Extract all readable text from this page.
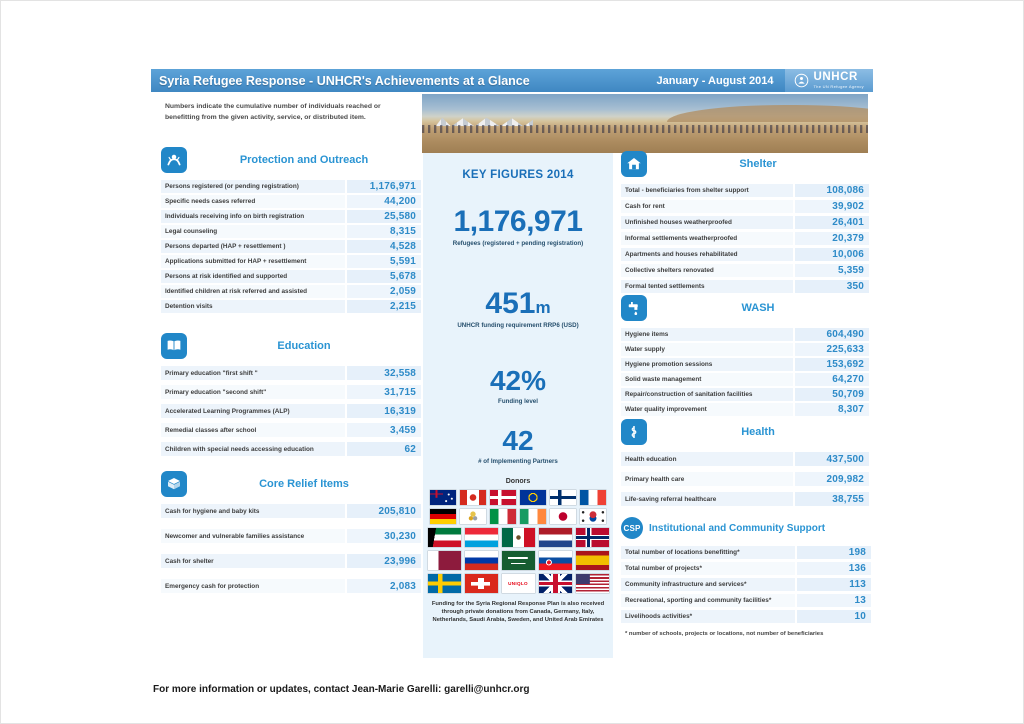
Syria Refugee Response - UNHCR's Achievements at a Glance	January - August 2014	UNHCR
The UN Refugee Agency
Numbers indicate the cumulative number of individuals reached or benefitting from the given activity, service, or distributed item.
Protection and Outreach
Persons registered (or pending registration)	1,176,971
Specific needs cases referred	44,200
Individuals receiving info on birth registration	25,580
Legal counseling	8,315
Persons departed (HAP + resettlement )	4,528
Applications submitted for HAP + resettlement	5,591
Persons at risk identified and supported	5,678
Identified children at risk referred and assisted	2,059
Detention visits	2,215
Education
Primary education "first shift "	32,558
Primary education "second shift"	31,715
Accelerated Learning Programmes (ALP)	16,319
Remedial classes after school	3,459
Children with special needs accessing education	62
Core Relief Items
Cash for hygiene and baby kits	205,810
Newcomer and vulnerable families assistance	30,230
Cash for shelter	23,996
Emergency cash for protection	2,083
KEY FIGURES 2014
1,176,971
Refugees (registered + pending registration)
451m
UNHCR funding requirement RRP6 (USD)
42%
Funding level
42
# of Implementing Partners
Donors
UNIQLO
Funding for the Syria Regional Response Plan is also received through private donations from Canada, Germany, Italy, Netherlands, Saudi Arabia, Sweden, and United Arab Emirates
Shelter
Total - beneficiaries from shelter support	108,086
Cash for rent	39,902
Unfinished houses weatherproofed	26,401
Informal settlements weatherproofed	20,379
Apartments and houses rehabilitated	10,006
Collective shelters renovated	5,359
Formal tented settlements	350
WASH
Hygiene items	604,490
Water supply	225,633
Hygiene promotion sessions	153,692
Solid waste management	64,270
Repair/construction of sanitation facilities	50,709
Water quality improvement	8,307
Health
Health education	437,500
Primary health care	209,982
Life-saving referral healthcare	38,755
CSP Institutional and Community Support
Total number of locations benefitting*	198
Total number of projects*	136
Community infrastructure and services*	113
Recreational, sporting and community facilities*	13
Livelihoods activities*	10
* number of schools, projects or locations, not number of beneficiaries
For more information or updates, contact Jean-Marie Garelli: garelli@unhcr.org
